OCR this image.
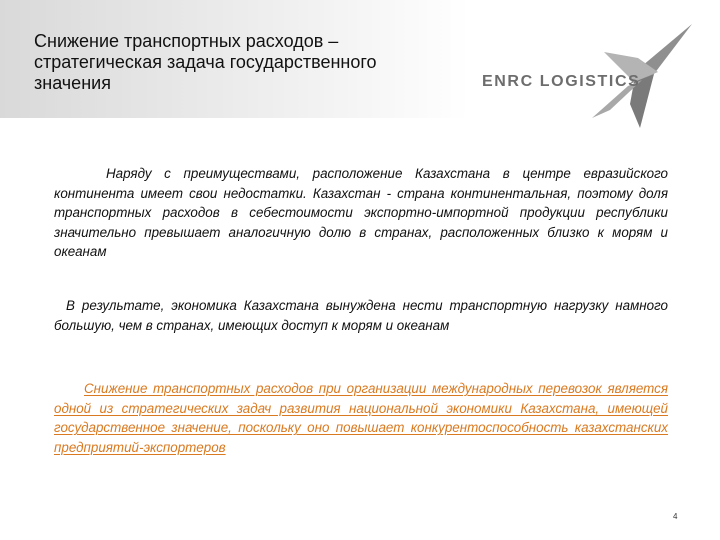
Снижение транспортных расходов –
стратегическая задача государственного
значения	ENRC LOGISTICS

Наряду с преимуществами, расположение Казахстана в центре евразийского континента имеет свои недостатки. Казахстан - страна континентальная, поэтому доля транспортных расходов в себестоимости экспортно-импортной продукции республики значительно превышает аналогичную долю в странах, расположенных близко к морям и океанам

В результате, экономика Казахстана вынуждена нести транспортную нагрузку намного большую, чем в странах, имеющих доступ к морям и океанам

Снижение транспортных расходов при организации международных перевозок является одной из стратегических задач развития национальной экономики Казахстана, имеющей государственное значение, поскольку оно повышает конкурентоспособность казахстанских предприятий-экспортеров

4
